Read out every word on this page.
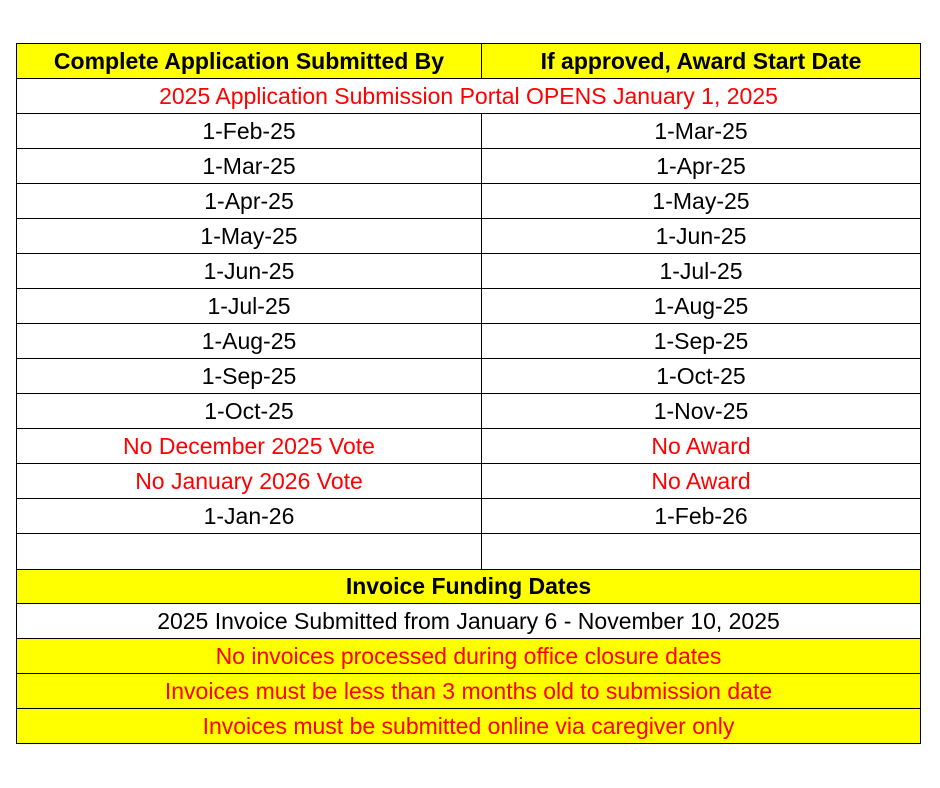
Complete Application Submitted By	If approved, Award Start Date
2025 Application Submission Portal OPENS January 1, 2025	
1-Feb-25	1-Mar-25
1-Mar-25	1-Apr-25
1-Apr-25	1-May-25
1-May-25	1-Jun-25
1-Jun-25	1-Jul-25
1-Jul-25	1-Aug-25
1-Aug-25	1-Sep-25
1-Sep-25	1-Oct-25
1-Oct-25	1-Nov-25
No December 2025 Vote	No Award
No January 2026 Vote	No Award
1-Jan-26	1-Feb-26

Invoice Funding Dates	
2025 Invoice Submitted from January 6 - November 10, 2025	
No invoices processed during office closure dates	
Invoices must be less than 3 months old to submission date	
Invoices must be submitted online via caregiver only	
